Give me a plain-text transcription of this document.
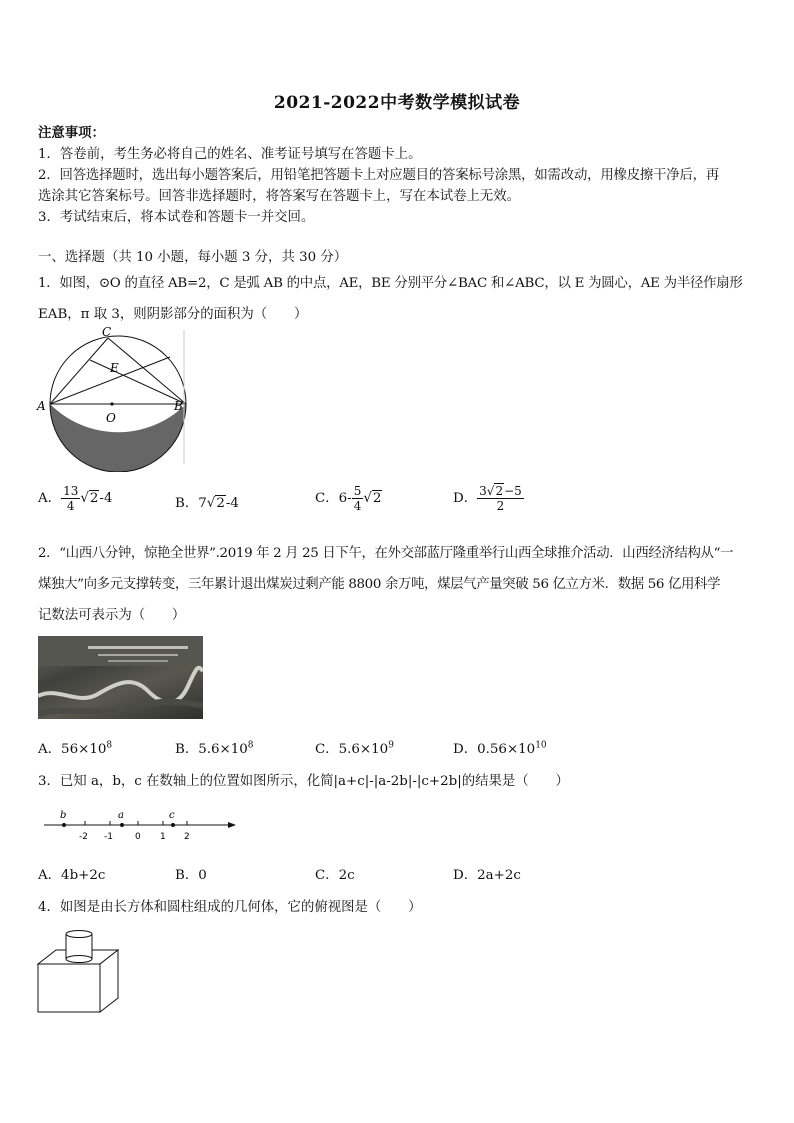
2021-2022中考数学模拟试卷
注意事项：
1．答卷前，考生务必将自己的姓名、准考证号填写在答题卡上。
2．回答选择题时，选出每小题答案后，用铅笔把答题卡上对应题目的答案标号涂黑，如需改动，用橡皮擦干净后，再
选涂其它答案标号。回答非选择题时，将答案写在答题卡上，写在本试卷上无效。
3．考试结束后，将本试卷和答题卡一并交回。
一、选择题（共 10 小题，每小题 3 分，共 30 分）
1．如图，⊙O 的直径 AB=2，C 是弧 AB 的中点，AE，BE 分别平分∠BAC 和∠ABC，以 E 为圆心，AE 为半径作扇形
EAB，π 取 3，则阴影部分的面积为（　　）
C
E
A
O
B
A． $\frac{13}{4} √2-4$	B．7√2-4	C．$6- \frac{5}{4} √2$	D． $\frac{3√2-5}{2}$
2．“山西八分钟，惊艳全世界”.2019 年 2 月 25 日下午，在外交部蓝厅隆重举行山西全球推介活动．山西经济结构从“一
煤独大”向多元支撑转变，三年累计退出煤炭过剩产能 8800 余万吨，煤层气产量突破 56 亿立方米．数据 56 亿用科学
记数法可表示为（　　）
A．$56\times 10^8$	B．$5.6\times 10^8$	C．$5.6\times 10^9$	D．$0.56\times 10^{10}$
3．已知 a，b，c 在数轴上的位置如图所示，化简|a+c|-|a-2b|-|c+2b|的结果是（　　）
b	a	c
-2 -1 0 1 2
A．4b+2c	B．0	C．2c	D．2a+2c
4．如图是由长方体和圆柱组成的几何体，它的俯视图是（　　）
